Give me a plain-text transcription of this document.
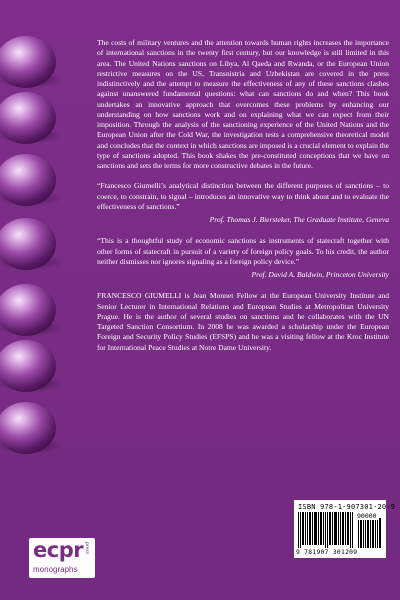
The costs of military ventures and the attention towards human rights increases the importance of international sanctions in the twenty first century, but our knowledge is still limited in this area. The United Nations sanctions on Libya, Al Qaeda and Rwanda, or the European Union restrictive measures on the US, Transnistria and Uzbekistan are covered in the press indistinctively and the attempt to measure the effectiveness of any of these sanctions clashes against unanswered fundamental questions: what can sanctions do and when? This book undertakes an innovative approach that overcomes these problems by enhancing our understanding on how sanctions work and on explaining what we can expect from their imposition. Through the analysis of the sanctioning experience of the United Nations and the European Union after the Cold War, the investigation tests a comprehensive theoretical model and concludes that the context in which sanctions are imposed is a crucial element to explain the type of sanctions adopted. This book shakes the pre-constituted conceptions that we have on sanctions and sets the terms for more constructive debates in the future.

“Francesco Giumelli’s analytical distinction between the different purposes of sanctions – to coerce, to constrain, to signal – introduces an innovative way to think about and to evaluate the effectiveness of sanctions.”

Prof. Thomas J. Biersteker, The Graduate Institute, Geneva

“This is a thoughtful study of economic sanctions as instruments of statecraft together with other forms of statecraft in pursuit of a variety of foreign policy goals. To his credit, the author neither dismisses nor ignores signaling as a foreign policy device.”

Prof. David A. Baldwin, Princeton University

FRANCESCO GIUMELLI is Jean Monnet Fellow at the European University Institute and Senior Lecturer in International Relations and European Studies at Metropolitan University Prague. He is the author of several studies on sanctions and he collaborates with the UN Targeted Sanction Consortium. In 2008 he was awarded a scholarship under the European Foreign and Security Policy Studies (EFSPS) and he was a visiting fellow at the Kroc Institute for International Peace Studies at Notre Dame University.

ISBN 978-1-907301-20-9
90000
9 781907 301209
ecpr press
monographs
